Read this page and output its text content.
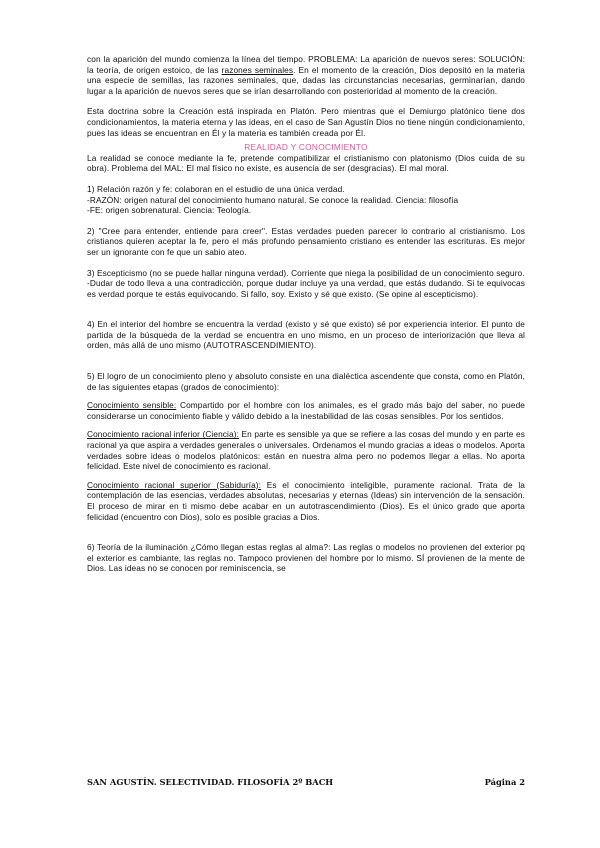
con la aparición del mundo comienza la línea del tiempo. PROBLEMA: La aparición de nuevos seres: SOLUCIÓN: la teoría, de origen estoico, de las razones seminales. En el momento de la creación, Dios depositó en la materia una especie de semillas, las razones seminales, que, dadas las circunstancias necesarias, germinarían, dando lugar a la aparición de nuevos seres que se irían desarrollando con posterioridad al momento de la creación.

Esta doctrina sobre la Creación está inspirada en Platón. Pero mientras que el Demiurgo platónico tiene dos condicionamientos, la materia eterna y las ideas, en el caso de San Agustín Dios no tiene ningún condicionamiento, pues las ideas se encuentran en Él y la materia es también creada por Él.

REALIDAD Y CONOCIMIENTO

La realidad se conoce mediante la fe, pretende compatibilizar el cristianismo con platonismo (Dios cuida de su obra). Problema del MAL: El mal físico no existe, es ausencia de ser (desgracias). El mal moral.

1) Relación razón y fe: colaboran en el estudio de una única verdad.

-RAZÓN: origen natural del conocimiento humano natural. Se conoce la realidad. Ciencia: filosofía

-FE: origen sobrenatural. Ciencia: Teología.

2) "Cree para entender, entiende para creer". Estas verdades pueden parecer lo contrario al cristianismo. Los cristianos quieren aceptar la fe, pero el más profundo pensamiento cristiano es entender las escrituras. Es mejor ser un ignorante con fe que un sabio ateo.

3) Escepticismo (no se puede hallar ninguna verdad). Corriente que niega la posibilidad de un conocimiento seguro.

-Dudar de todo lleva a una contradicción, porque dudar incluye ya una verdad, que estás dudando. Si te equivocas es verdad porque te estás equivocando. Si fallo, soy. Existo y sé que existo. (Se opine al escepticismo).

4) En el interior del hombre se encuentra la verdad (existo y sé que existo) sé por experiencia interior. El punto de partida de la búsqueda de la verdad se encuentra en uno mismo, en un proceso de interiorización que lleva al orden, más allá de uno mismo (AUTOTRASCENDIMIENTO).

5) El logro de un conocimiento pleno y absoluto consiste en una dialéctica ascendente que consta, como en Platón, de las siguientes etapas (grados de conocimiento):

Conocimiento sensible: Compartido por el hombre con los animales, es el grado más bajo del saber, no puede considerarse un conocimiento fiable y válido debido a la inestabilidad de las cosas sensibles. Por los sentidos.

Conocimiento racional inferior (Ciencia): En parte es sensible ya que se refiere a las cosas del mundo y en parte es racional ya que aspira a verdades generales o universales. Ordenamos el mundo gracias a ideas o modelos. Aporta verdades sobre ideas o modelos platónicos: están en nuestra alma pero no podemos llegar a ellas. No aporta felicidad. Este nivel de conocimiento es racional.

Conocimiento racional superior (Sabiduría): Es el conocimiento inteligible, puramente racional. Trata de la contemplación de las esencias, verdades absolutas, necesarias y eternas (Ideas) sin intervención de la sensación. El proceso de mirar en ti mismo debe acabar en un autotrascendimiento (Dios). Es el único grado que aporta felicidad (encuentro con Dios), solo es posible gracias a Dios.

6) Teoría de la iluminación ¿Cómo llegan estas reglas al alma?: Las reglas o modelos no provienen del exterior pq el exterior es cambiante, las reglas no. Tampoco provienen del hombre por lo mismo. SÍ provienen de la mente de Dios. Las ideas no se conocen por reminiscencia, se

SAN AGUSTÍN. SELECTIVIDAD. FILOSOFÍA 2º BACH	Página 2
